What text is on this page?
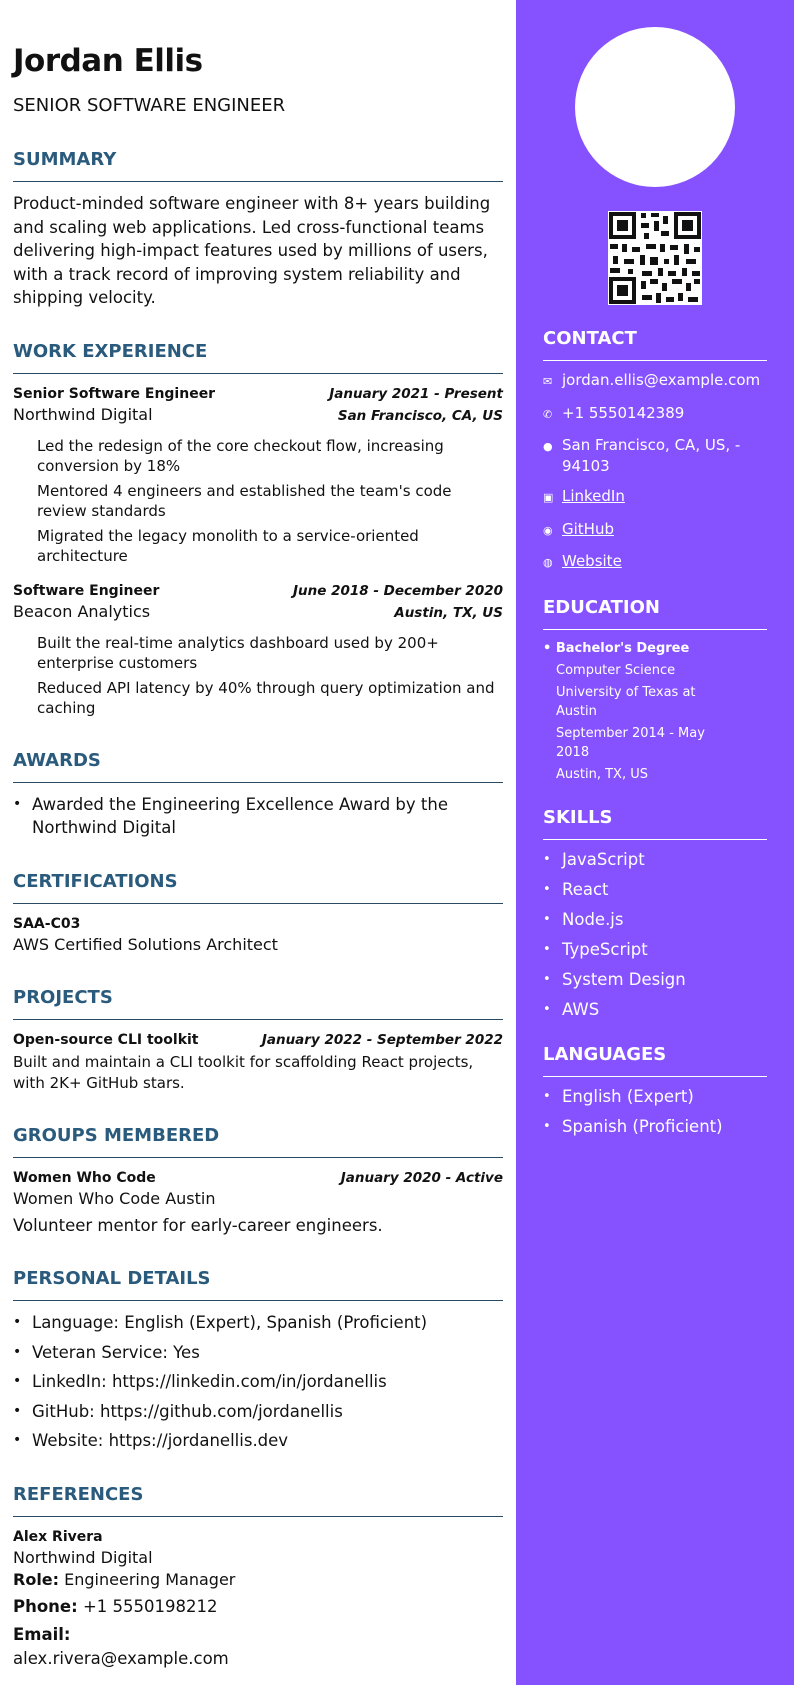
Jordan Ellis
SENIOR SOFTWARE ENGINEER
SUMMARY
Product-minded software engineer with 8+ years building and scaling web applications. Led cross-functional teams delivering high-impact features used by millions of users, with a track record of improving system reliability and shipping velocity.
WORK EXPERIENCE
Senior Software Engineer	January 2021 - Present
Northwind Digital	San Francisco, CA, US
Led the redesign of the core checkout flow, increasing conversion by 18%
Mentored 4 engineers and established the team's code review standards
Migrated the legacy monolith to a service-oriented architecture
Software Engineer	June 2018 - December 2020
Beacon Analytics	Austin, TX, US
Built the real-time analytics dashboard used by 200+ enterprise customers
Reduced API latency by 40% through query optimization and caching
AWARDS
• Awarded the Engineering Excellence Award by the Northwind Digital
CERTIFICATIONS
SAA-C03
AWS Certified Solutions Architect
PROJECTS
Open-source CLI toolkit	January 2022 - September 2022
Built and maintain a CLI toolkit for scaffolding React projects, with 2K+ GitHub stars.
GROUPS MEMBERED
Women Who Code	January 2020 - Active
Women Who Code Austin
Volunteer mentor for early-career engineers.
PERSONAL DETAILS
• Language: English (Expert), Spanish (Proficient)
• Veteran Service: Yes
• LinkedIn: https://linkedin.com/in/jordanellis
• GitHub: https://github.com/jordanellis
• Website: https://jordanellis.dev
REFERENCES
Alex Rivera
Northwind Digital
Role: Engineering Manager
Phone: +1 5550198212
Email:
alex.rivera@example.com
CONTACT
✉ jordan.ellis@example.com
✆ +1 5550142389
● San Francisco, CA, US, - 94103
▣ LinkedIn
◉ GitHub
◍ Website
EDUCATION
• Bachelor's Degree
Computer Science
University of Texas at Austin
September 2014 - May 2018
Austin, TX, US
SKILLS
• JavaScript
• React
• Node.js
• TypeScript
• System Design
• AWS
LANGUAGES
• English (Expert)
• Spanish (Proficient)
